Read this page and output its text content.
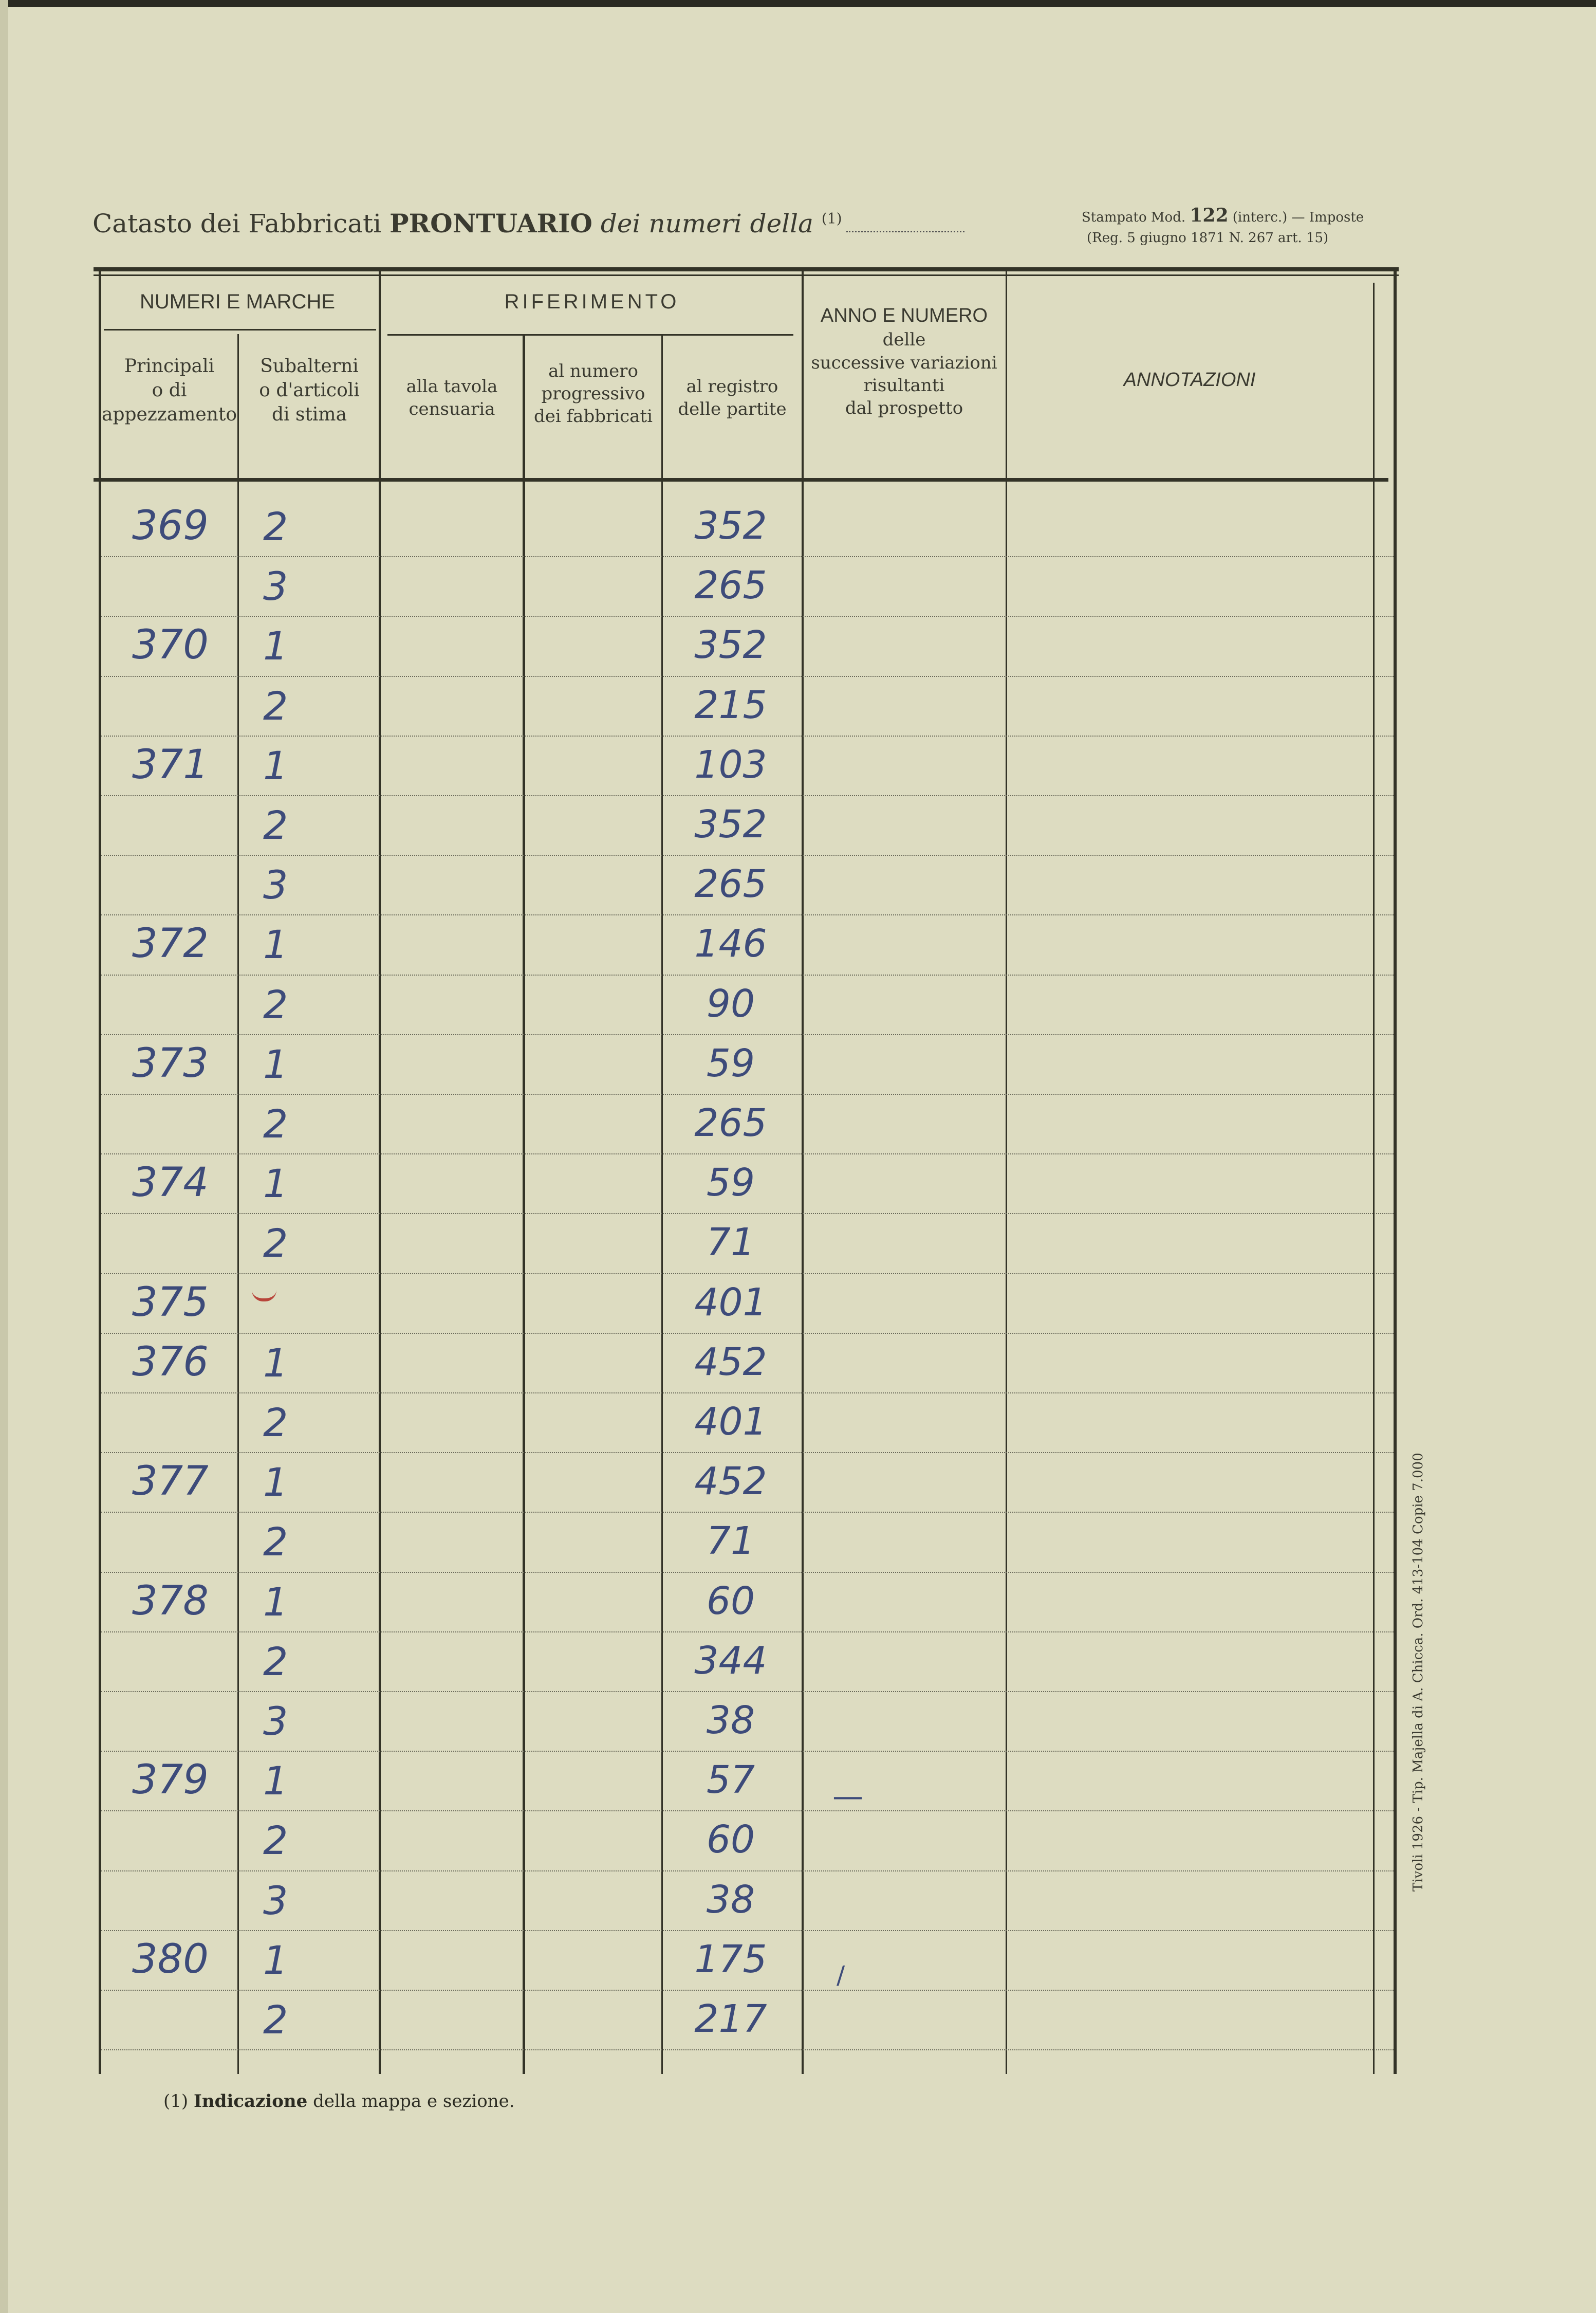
Catasto dei Fabbricati PRONTUARIO dei numeri della $^{(1)}$	Stampato Mod. 122 (interc.) — Imposte
(Reg. 5 giugno 1871 N. 267 art. 15)
NUMERI E MARCHE	RIFERIMENTO
Principali
o di
appezzamento
Subalterni
o d'articoli
di stima
alla tavola
censuaria
al numero
progressivo
dei fabbricati
al registro
delle partite
ANNO E NUMERO
delle
successive variazioni
risultanti
dal prospetto
ANNOTAZIONI
369 2	352
3	265
370 1	352
2	215
371 1	103
2	352
3	265
372 1	146
2	90
373 1	59
2	265
374 1	59
2	71
375	401
376 1	452
2	401
377 1	452
2	71
378 1	60
2	344
3	38
379 1	57
2	60
3	38
380 1	175
2	217
—
/
Tivoli 1926 - Tip. Majella di A. Chicca. Ord. 413-104 Copie 7.000
(1) Indicazione della mappa e sezione.
